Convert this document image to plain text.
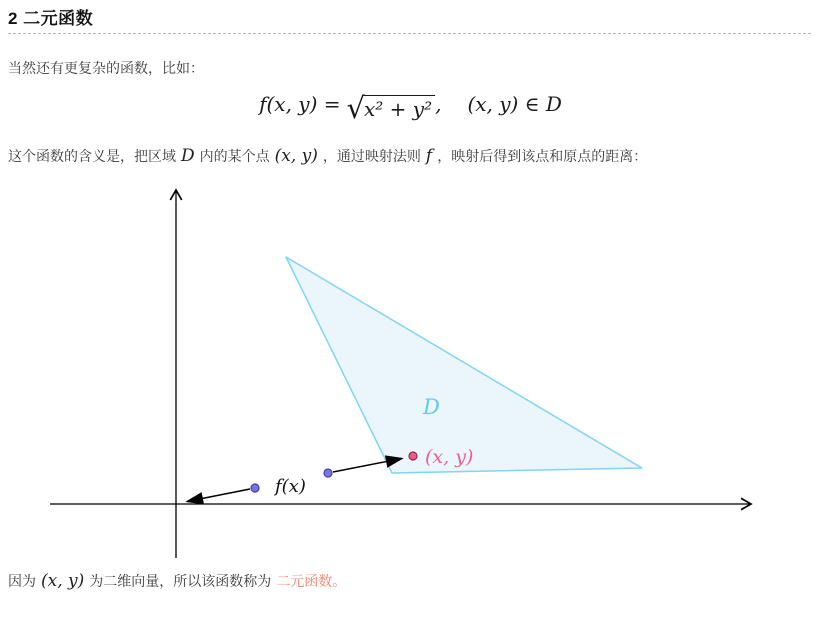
2 二元函数
当然还有更复杂的函数，比如：
f(x, y) = √ x² + y² , (x, y) ∈ D
这个函数的含义是，把区域 D 内的某个点 (x, y) ，通过映射法则 f ，映射后得到该点和原点的距离：
D
(x, y)
f(x)
因为 (x, y) 为二维向量，所以该函数称为 二元函数。
